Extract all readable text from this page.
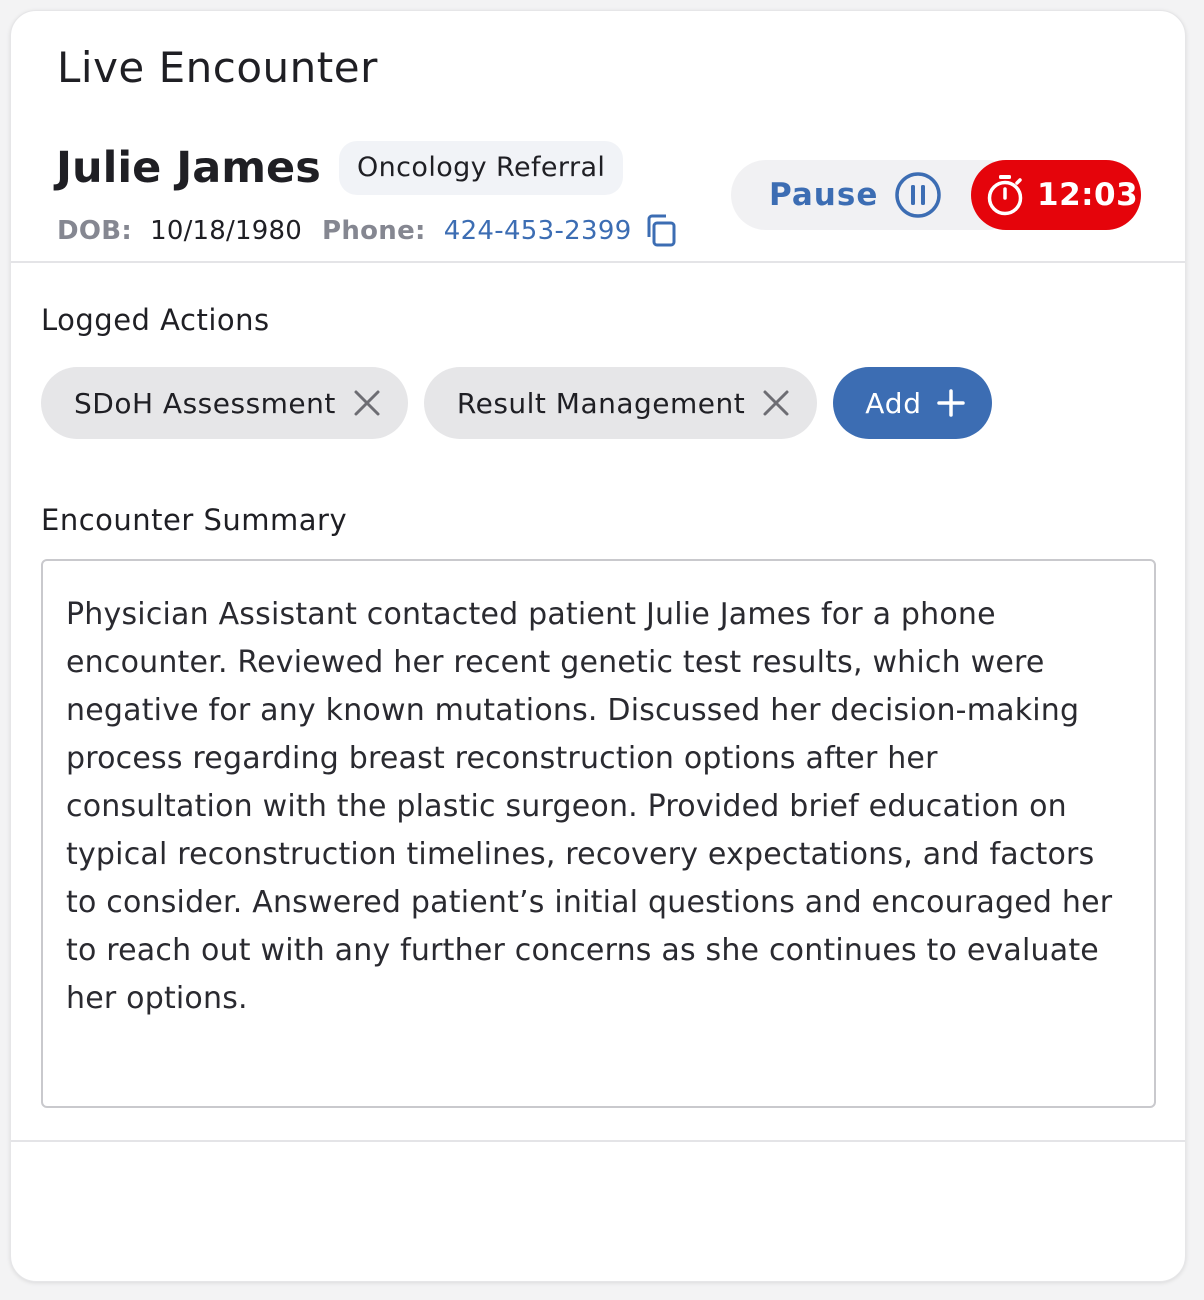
Live Encounter
Julie James	Oncology Referral
DOB: 10/18/1980 Phone: 424-453-2399
Pause	12:03
Logged Actions
SDoH Assessment	Result Management	Add
Encounter Summary
Physician Assistant contacted patient Julie James for a phone encounter. Reviewed her recent genetic test results, which were negative for any known mutations. Discussed her decision-making process regarding breast reconstruction options after her consultation with the plastic surgeon. Provided brief education on typical reconstruction timelines, recovery expectations, and factors to consider. Answered patient’s initial questions and encouraged her to reach out with any further concerns as she continues to evaluate her options.
